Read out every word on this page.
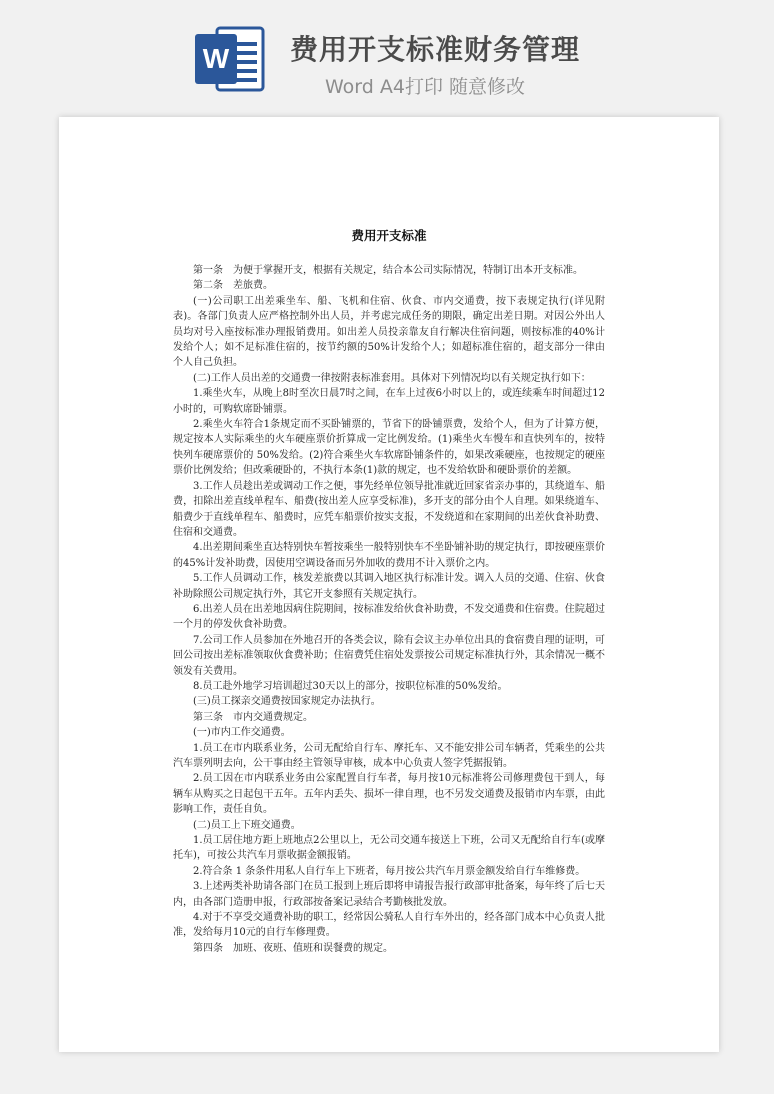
W 费用开支标准财务管理
Word A4打印 随意修改
费用开支标准

第一条　为便于掌握开支，根据有关规定，结合本公司实际情况，特制订出本开支标准。

第二条　差旅费。

(一)公司职工出差乘坐车、船、飞机和住宿、伙食、市内交通费，按下表规定执行(详见附表)。各部门负责人应严格控制外出人员，并考虑完成任务的期限，确定出差日期。对因公外出人员均对号入座按标准办理报销费用。如出差人员投亲靠友自行解决住宿问题，则按标准的40%计发给个人；如不足标准住宿的，按节约额的50%计发给个人；如超标准住宿的，超支部分一律由个人自己负担。

(二)工作人员出差的交通费一律按附表标准套用。具体对下列情况均以有关规定执行如下：

1.乘坐火车，从晚上8时至次日晨7时之间，在车上过夜6小时以上的，或连续乘车时间超过12小时的，可购软席卧铺票。

2.乘坐火车符合1条规定而不买卧铺票的，节省下的卧铺票费，发给个人，但为了计算方便，规定按本人实际乘坐的火车硬座票价折算成一定比例发给。(1)乘坐火车慢车和直快列车的，按特快列车硬席票价的 50%发给。(2)符合乘坐火车软席卧铺条件的，如果改乘硬座，也按规定的硬座票价比例发给；但改乘硬卧的，不执行本条(1)款的规定，也不发给软卧和硬卧票价的差额。

3.工作人员趁出差或调动工作之便，事先经单位领导批准就近回家省亲办事的，其绕道车、船费，扣除出差直线单程车、船费(按出差人应享受标准)，多开支的部分由个人自理。如果绕道车、船费少于直线单程车、船费时，应凭车船票价按实支报，不发绕道和在家期间的出差伙食补助费、住宿和交通费。

4.出差期间乘坐直达特别快车暂按乘坐一般特别快车不坐卧铺补助的规定执行，即按硬座票价的45%计发补助费，因使用空调设备而另外加收的费用不计入票价之内。

5.工作人员调动工作，核发差旅费以其调入地区执行标准计发。调入人员的交通、住宿、伙食补助除照公司规定执行外，其它开支参照有关规定执行。

6.出差人员在出差地因病住院期间，按标准发给伙食补助费，不发交通费和住宿费。住院超过一个月的停发伙食补助费。

7.公司工作人员参加在外地召开的各类会议，除有会议主办单位出具的食宿费自理的证明，可回公司按出差标准领取伙食费补助；住宿费凭住宿处发票按公司规定标准执行外，其余情况一概不领发有关费用。

8.员工赴外地学习培训超过30天以上的部分，按职位标准的50%发给。

(三)员工探亲交通费按国家规定办法执行。

第三条　市内交通费规定。

(一)市内工作交通费。

1.员工在市内联系业务，公司无配给自行车、摩托车、又不能安排公司车辆者，凭乘坐的公共汽车票列明去向，公干事由经主管领导审核，成本中心负责人签字凭据报销。

2.员工因在市内联系业务由公家配置自行车者，每月按10元标准将公司修理费包干到人，每辆车从购买之日起包干五年。五年内丢失、损坏一律自理，也不另发交通费及报销市内车票，由此影响工作，责任自负。

(二)员工上下班交通费。

1.员工居住地方距上班地点2公里以上，无公司交通车接送上下班，公司又无配给自行车(或摩托车)，可按公共汽车月票收据金额报销。

2.符合条 1 条条件用私人自行车上下班者，每月按公共汽车月票金额发给自行车维修费。

3.上述两类补助请各部门在员工报到上班后即将申请报告报行政部审批备案，每年终了后七天内，由各部门造册申报，行政部按备案记录结合考勤核批发放。

4.对于不享受交通费补助的职工，经常因公骑私人自行车外出的，经各部门成本中心负责人批准，发给每月10元的自行车修理费。

第四条　加班、夜班、值班和误餐费的规定。
